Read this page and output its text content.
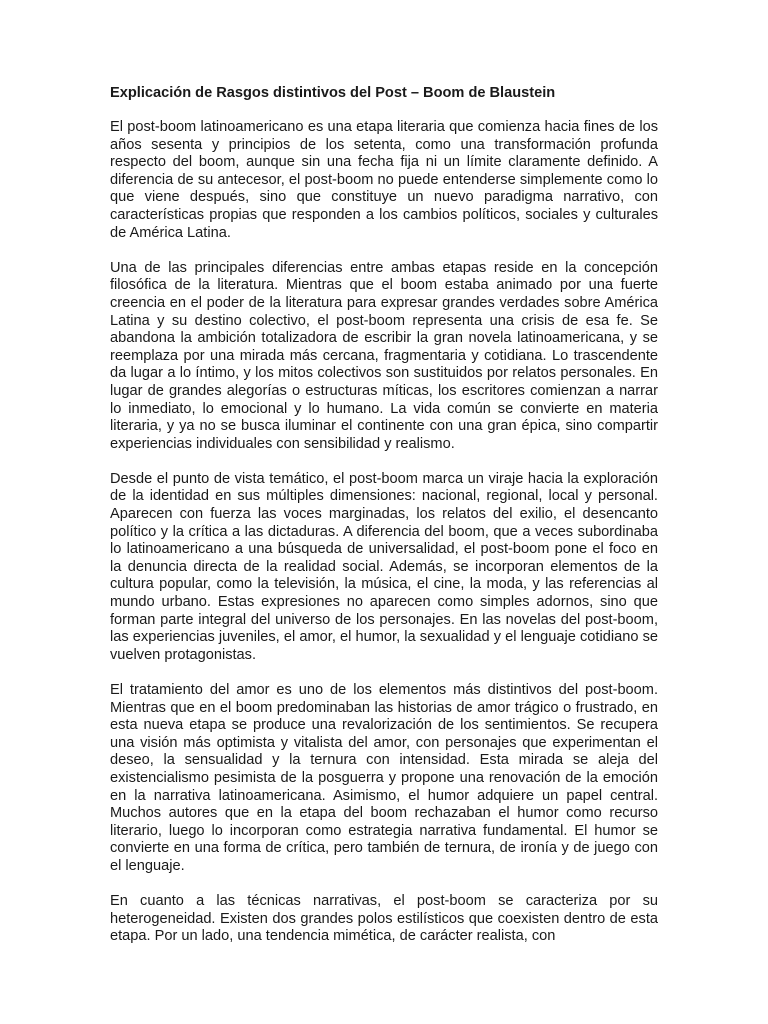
Explicación de Rasgos distintivos del Post – Boom de Blaustein

El post-boom latinoamericano es una etapa literaria que comienza hacia fines de los años sesenta y principios de los setenta, como una transformación profunda respecto del boom, aunque sin una fecha fija ni un límite claramente definido. A diferencia de su antecesor, el post-boom no puede entenderse simplemente como lo que viene después, sino que constituye un nuevo paradigma narrativo, con características propias que responden a los cambios políticos, sociales y culturales de América Latina.

Una de las principales diferencias entre ambas etapas reside en la concepción filosófica de la literatura. Mientras que el boom estaba animado por una fuerte creencia en el poder de la literatura para expresar grandes verdades sobre América Latina y su destino colectivo, el post-boom representa una crisis de esa fe. Se abandona la ambición totalizadora de escribir la gran novela latinoamericana, y se reemplaza por una mirada más cercana, fragmentaria y cotidiana. Lo trascendente da lugar a lo íntimo, y los mitos colectivos son sustituidos por relatos personales. En lugar de grandes alegorías o estructuras míticas, los escritores comienzan a narrar lo inmediato, lo emocional y lo humano. La vida común se convierte en materia literaria, y ya no se busca iluminar el continente con una gran épica, sino compartir experiencias individuales con sensibilidad y realismo.

Desde el punto de vista temático, el post-boom marca un viraje hacia la exploración de la identidad en sus múltiples dimensiones: nacional, regional, local y personal. Aparecen con fuerza las voces marginadas, los relatos del exilio, el desencanto político y la crítica a las dictaduras. A diferencia del boom, que a veces subordinaba lo latinoamericano a una búsqueda de universalidad, el post-boom pone el foco en la denuncia directa de la realidad social. Además, se incorporan elementos de la cultura popular, como la televisión, la música, el cine, la moda, y las referencias al mundo urbano. Estas expresiones no aparecen como simples adornos, sino que forman parte integral del universo de los personajes. En las novelas del post-boom, las experiencias juveniles, el amor, el humor, la sexualidad y el lenguaje cotidiano se vuelven protagonistas.

El tratamiento del amor es uno de los elementos más distintivos del post-boom. Mientras que en el boom predominaban las historias de amor trágico o frustrado, en esta nueva etapa se produce una revalorización de los sentimientos. Se recupera una visión más optimista y vitalista del amor, con personajes que experimentan el deseo, la sensualidad y la ternura con intensidad. Esta mirada se aleja del existencialismo pesimista de la posguerra y propone una renovación de la emoción en la narrativa latinoamericana. Asimismo, el humor adquiere un papel central. Muchos autores que en la etapa del boom rechazaban el humor como recurso literario, luego lo incorporan como estrategia narrativa fundamental. El humor se convierte en una forma de crítica, pero también de ternura, de ironía y de juego con el lenguaje.

En cuanto a las técnicas narrativas, el post-boom se caracteriza por su heterogeneidad. Existen dos grandes polos estilísticos que coexisten dentro de esta etapa. Por un lado, una tendencia mimética, de carácter realista, con
